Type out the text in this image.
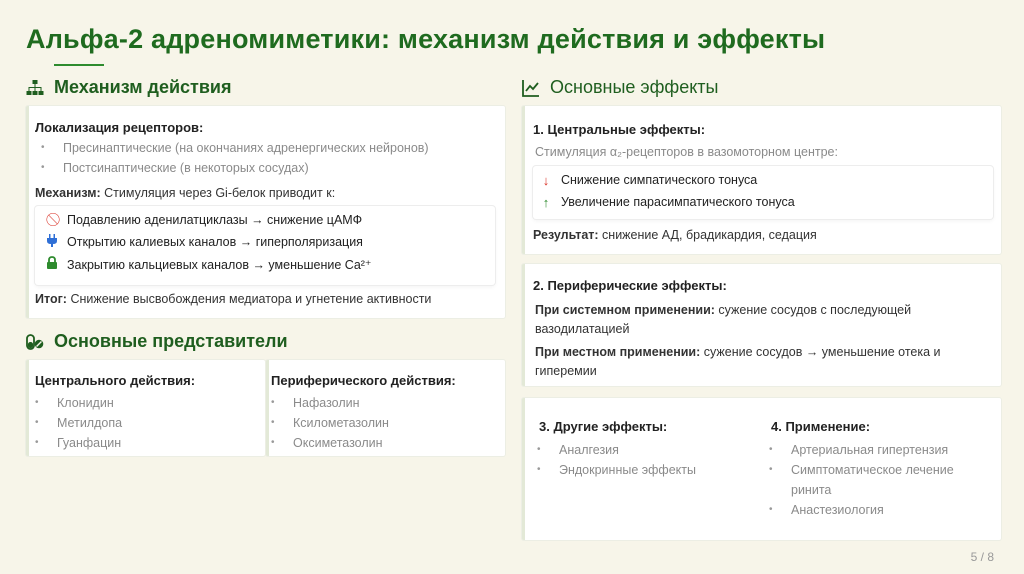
Альфа-2 адреномиметики: механизм действия и эффекты
Механизм действия
Локализация рецепторов:
• Пресинаптические (на окончаниях адренергических нейронов)
• Постсинаптические (в некоторых сосудах)
Механизм: Стимуляция через Gi-белок приводит к:
🚫︎ Подавлению аденилатциклазы → снижение цАМФ
Открытию калиевых каналов → гиперполяризация
Закрытию кальциевых каналов → уменьшение Ca²⁺
Итог: Снижение высвобождения медиатора и угнетение активности
Основные представители
Центрального действия:
• Клонидин
• Метилдопа
• Гуанфацин
Периферического действия:
• Нафазолин
• Ксилометазолин
• Оксиметазолин
Основные эффекты
1. Центральные эффекты:
Стимуляция α₂-рецепторов в вазомоторном центре:
↓ Снижение симпатического тонуса
↑ Увеличение парасимпатического тонуса
Результат: снижение АД, брадикардия, седация
2. Периферические эффекты:
При системном применении: сужение сосудов с последующей вазодилатацией
При местном применении: сужение сосудов → уменьшение отека и гиперемии
3. Другие эффекты:
• Аналгезия
• Эндокринные эффекты
4. Применение:
• Артериальная гипертензия
• Симптоматическое лечение ринита
• Анастезиология
5 / 8
